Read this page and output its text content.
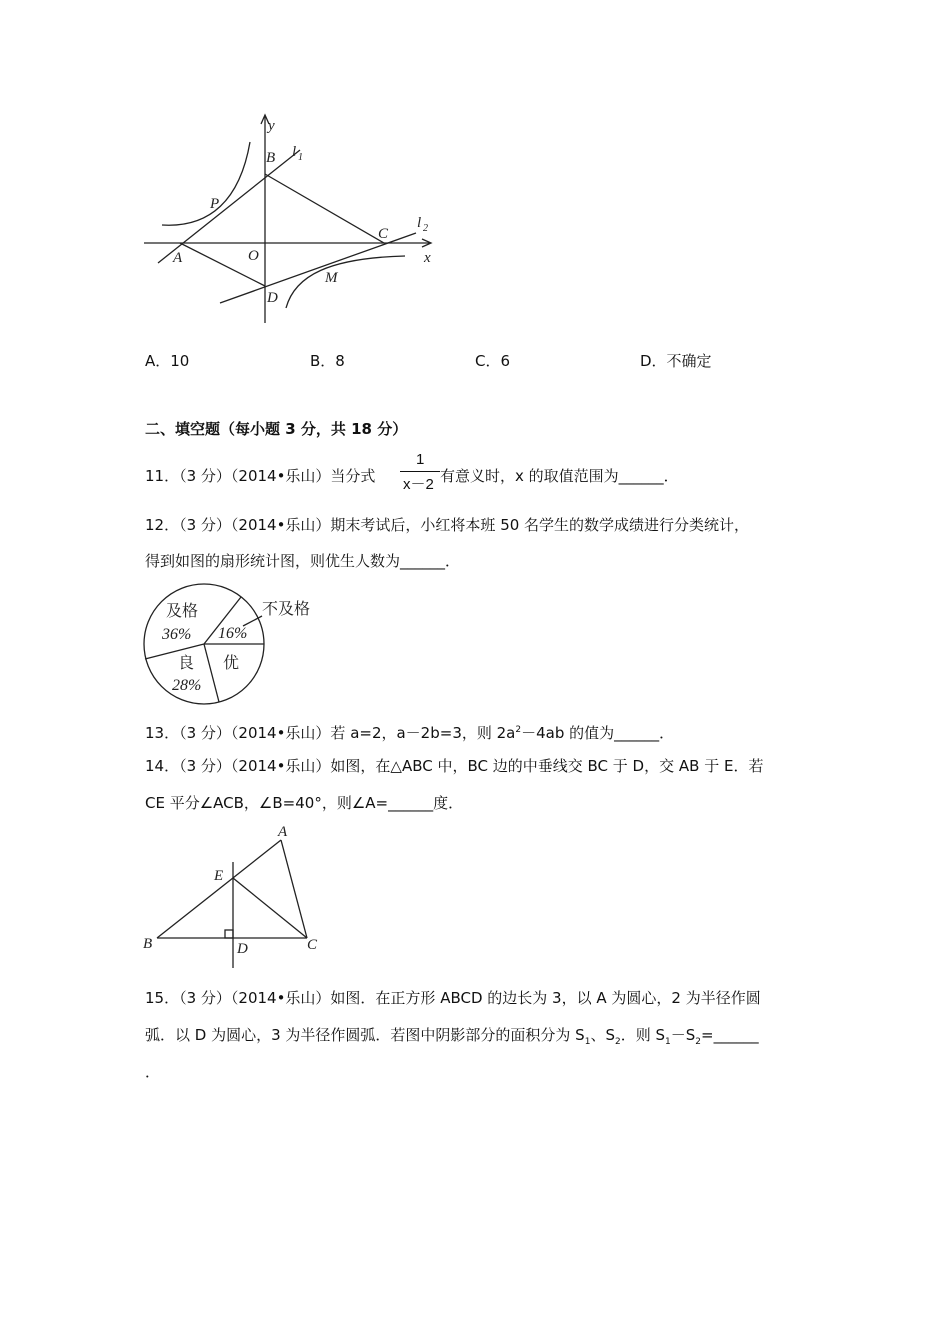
y
B l 1
P
A	O
C
l 2
D
M
x
A．10	B．8	C．6	D．不确定
二、填空题（每小题 3 分，共 18 分）
11．（3 分）（2014•乐山）当分式
1
x－2 有意义时，x 的取值范围为______．
12．（3 分）（2014•乐山）期末考试后，小红将本班 50 名学生的数学成绩进行分类统计，
得到如图的扇形统计图，则优生人数为______．
及格
36%
不及格
16%
良
28%
优
13．（3 分）（2014•乐山）若 a=2，a－2b=3，则 $2a^2-4ab$ 的值为______．
14．（3 分）（2014•乐山）如图，在△ABC 中，BC 边的中垂线交 BC 于 D，交 AB 于 E．若
CE 平分∠ACB，∠B=40°，则∠A=______度．
A
E
B	D	C
15．（3 分）（2014•乐山）如图．在正方形 ABCD 的边长为 3，以 A 为圆心，2 为半径作圆
弧．以 D 为圆心，3 为半径作圆弧．若图中阴影部分的面积分为 $S_1$、$S_2$．则 $S_1-S_2=\_\_\_\_\_\_$
．
